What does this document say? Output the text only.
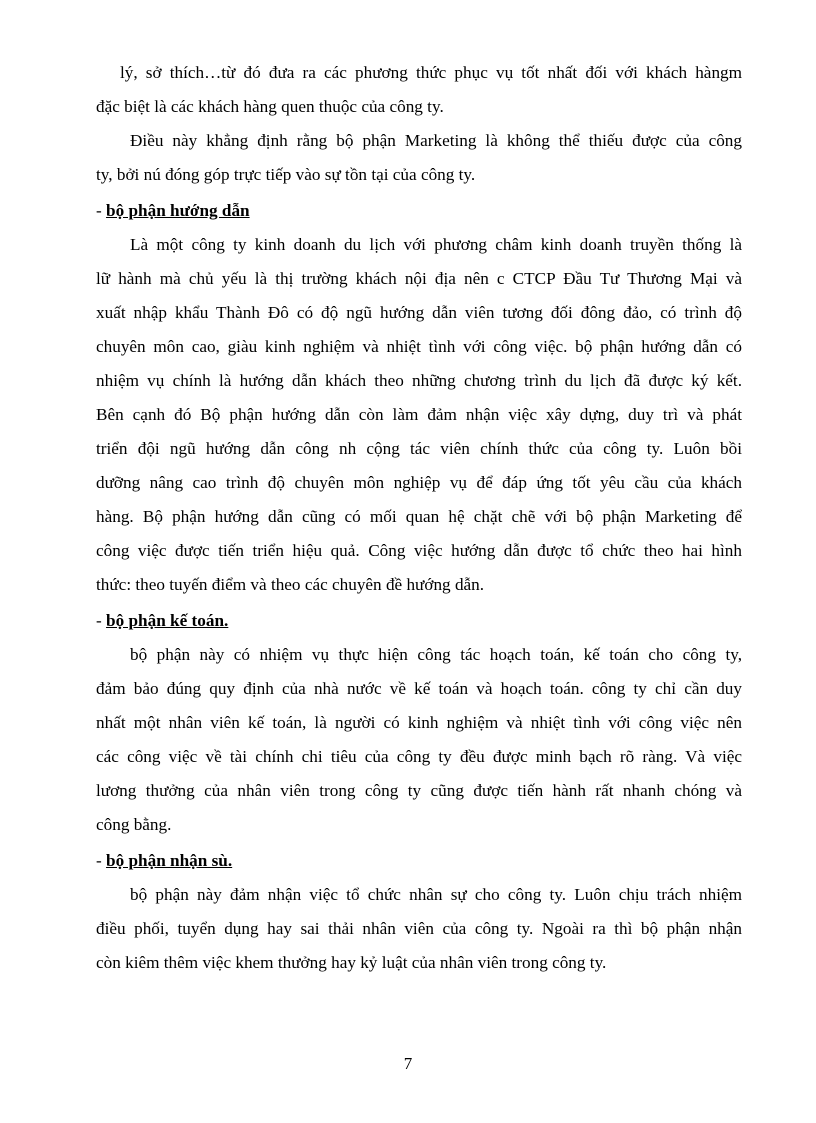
lý, sở thích…từ đó đưa ra các phương thức phục vụ tốt nhất đối với khách hàngm
đặc biệt là các khách hàng quen thuộc của công ty.
Điều này khẳng định rằng bộ phận Marketing là không thể thiếu được của công
ty, bởi nú đóng góp trực tiếp vào sự tồn tại của công ty.
- bộ phận hướng dẫn
Là một công ty kinh doanh du lịch với phương châm kinh doanh truyền thống là
lữ hành mà chủ yếu là thị trường khách nội địa nên c CTCP Đầu Tư Thương Mại và
xuất nhập khẩu Thành Đô có độ ngũ hướng dẫn viên tương đối đông đảo, có trình độ
chuyên môn cao, giàu kinh nghiệm và nhiệt tình với công việc. bộ phận hướng dẫn có
nhiệm vụ chính là hướng dẫn khách theo những chương trình du lịch đã được ký kết.
Bên cạnh đó Bộ phận hướng dẫn còn làm đảm nhận việc xây dựng, duy trì và phát
triển đội ngũ hướng dẫn công nh cộng tác viên chính thức của công ty. Luôn bồi
dưỡng nâng cao trình độ chuyên môn nghiệp vụ để đáp ứng tốt yêu cầu của khách
hàng. Bộ phận hướng dẫn cũng có mối quan hệ chặt chẽ với bộ phận Marketing để
công việc được tiến triển hiệu quả. Công việc hướng dẫn được tổ chức theo hai hình
thức: theo tuyến điểm và theo các chuyên đề hướng dẫn.
- bộ phận kế toán.
bộ phận này có nhiệm vụ thực hiện công tác hoạch toán, kế toán cho công ty,
đảm bảo đúng quy định của nhà nước về kế toán và hoạch toán. công ty chỉ cần duy
nhất một nhân viên kế toán, là người có kinh nghiệm và nhiệt tình với công việc nên
các công việc về tài chính chi tiêu của công ty đều được minh bạch rõ ràng. Và việc
lương thưởng của nhân viên trong công ty cũng được tiến hành rất nhanh chóng và
công bằng.
- bộ phận nhận sù.
bộ phận này đảm nhận việc tổ chức nhân sự cho công ty. Luôn chịu trách nhiệm
điều phối, tuyển dụng hay sai thải nhân viên của công ty. Ngoài ra thì bộ phận nhận
còn kiêm thêm việc khem thưởng hay kỷ luật của nhân viên trong công ty.
7
